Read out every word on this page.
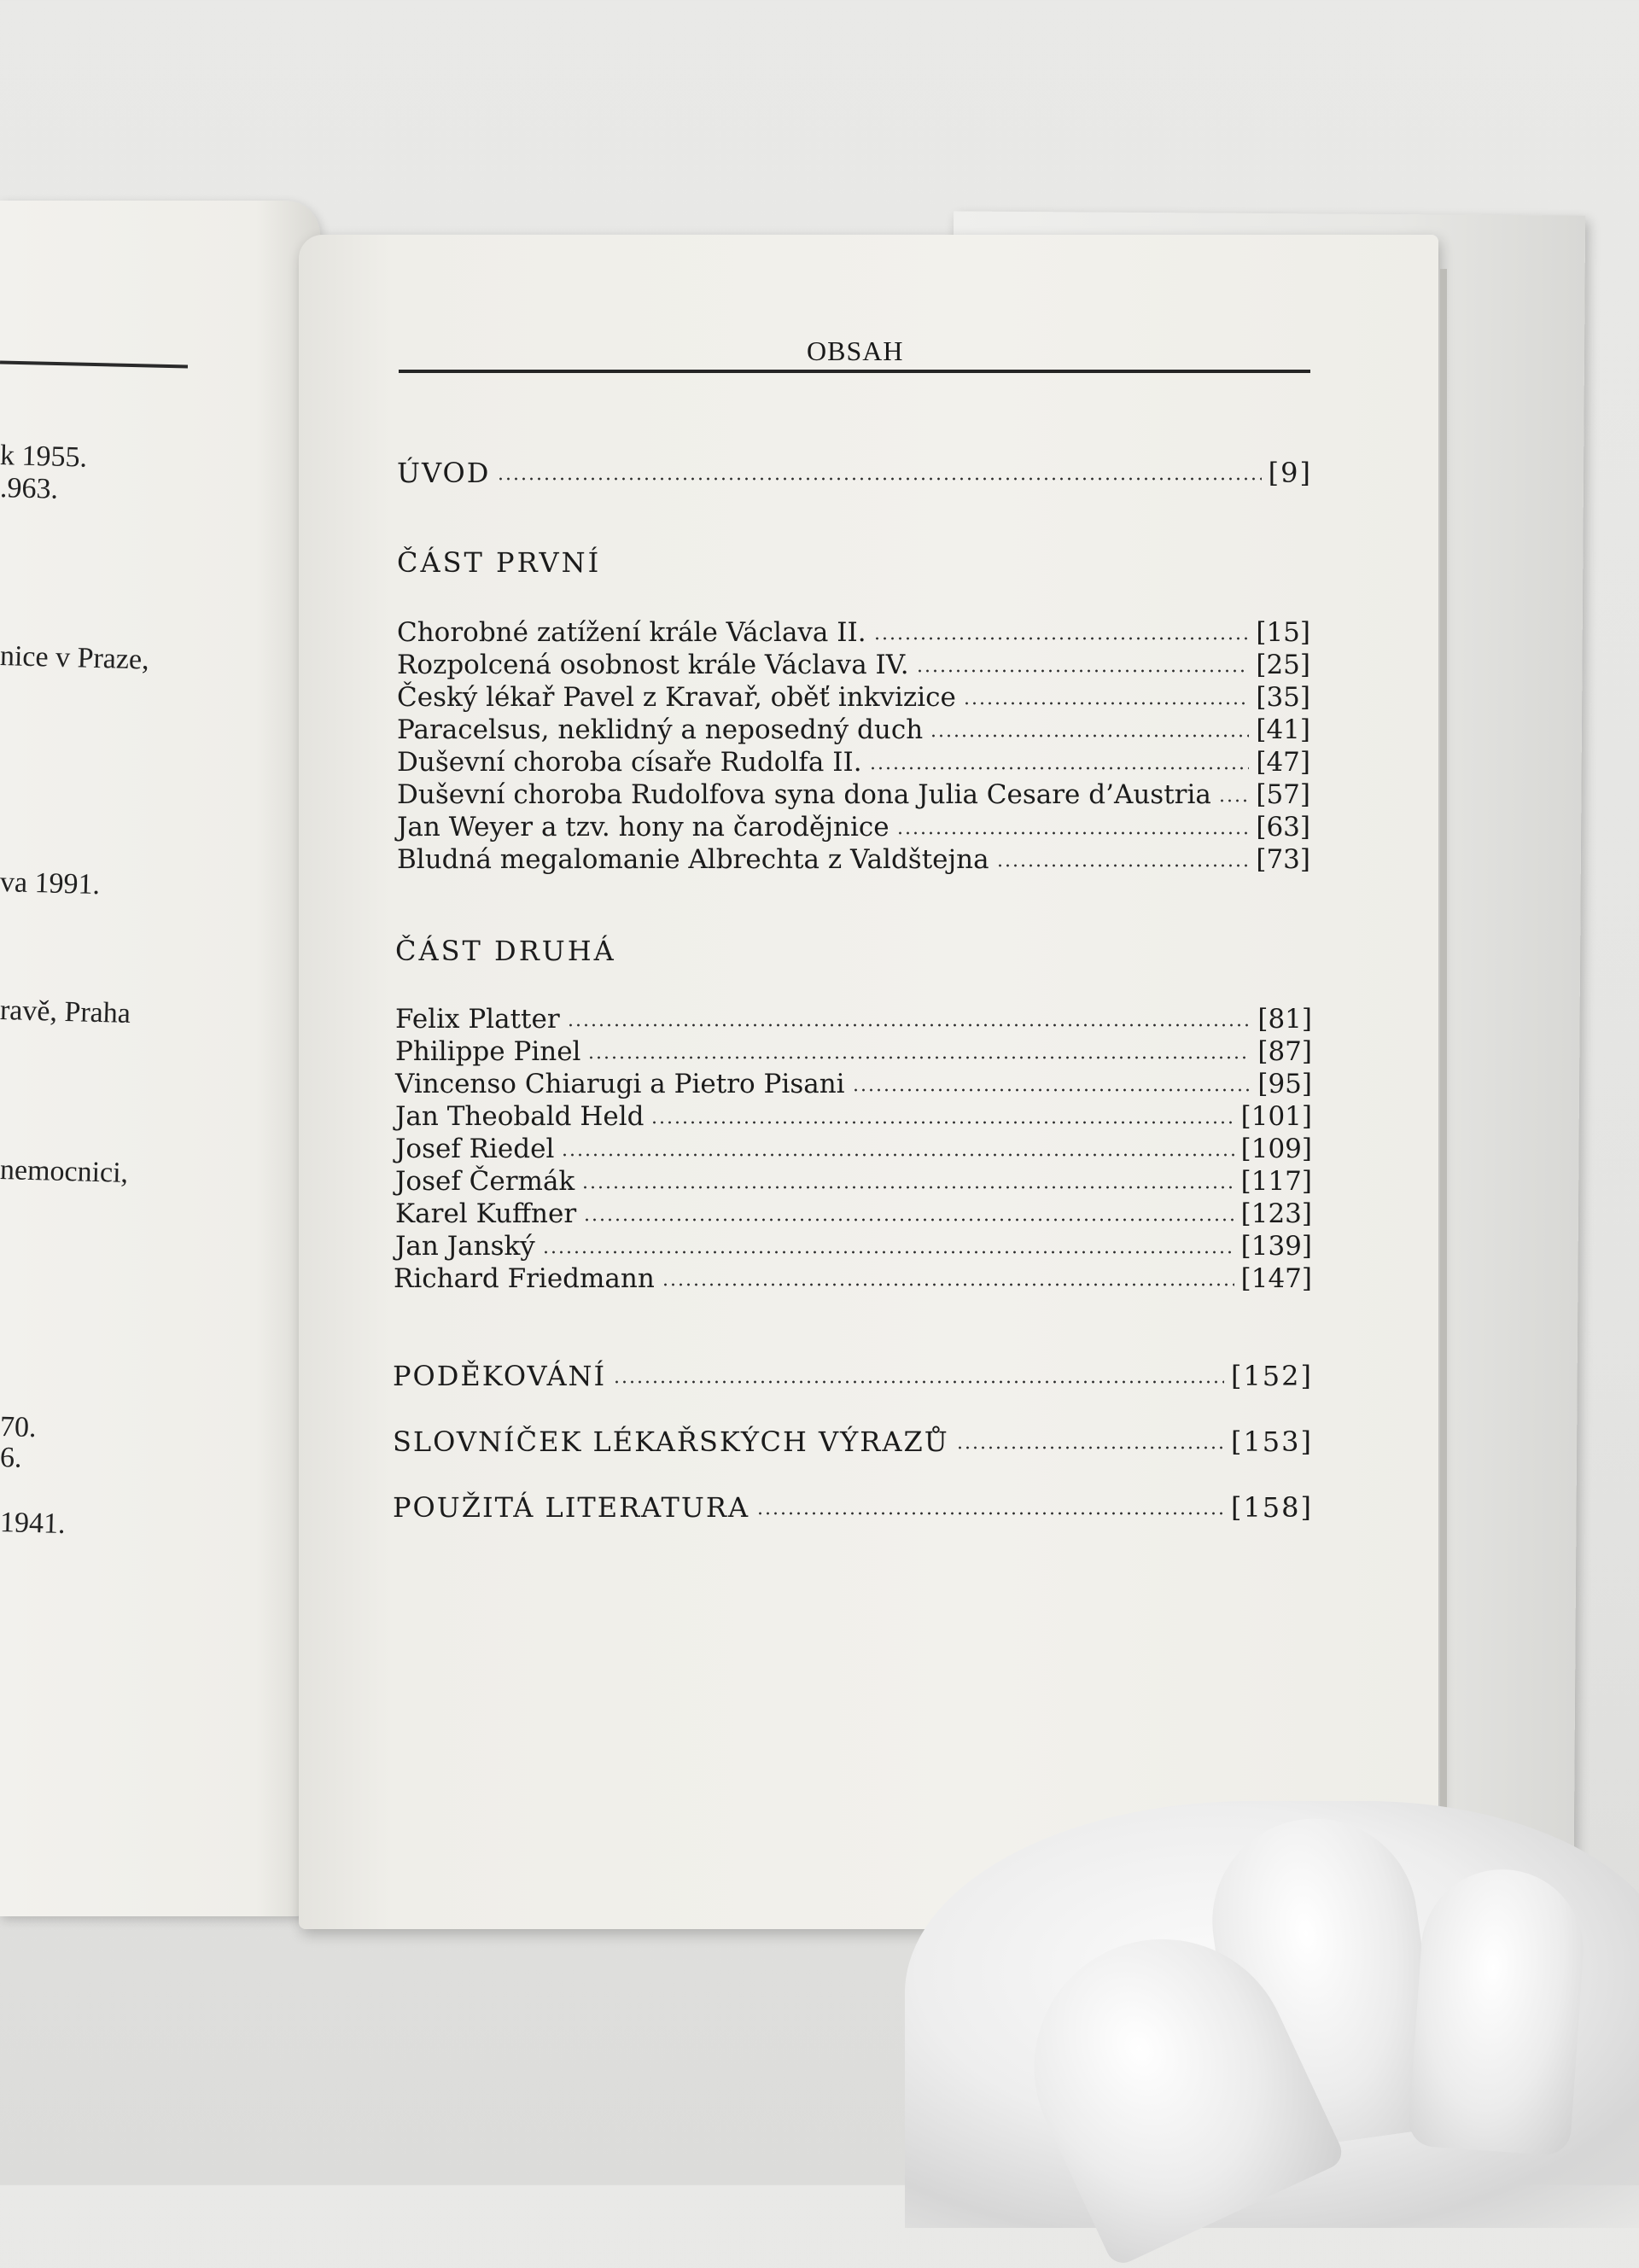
k 1955.
.963.
nice v Praze,
va 1991.
ravě, Praha
nemocnici,
70.
6.
1941.

OBSAH
ÚVOD	[9]
ČÁST PRVNÍ
Chorobné zatížení krále Václava II.	[15]
Rozpolcená osobnost krále Václava IV.	[25]
Český lékař Pavel z Kravař, oběť inkvizice	[35]
Paracelsus, neklidný a neposedný duch	[41]
Duševní choroba císaře Rudolfa II.	[47]
Duševní choroba Rudolfova syna dona Julia Cesare d’Austria [57]
Jan Weyer a tzv. hony na čarodějnice	[63]
Bludná megalomanie Albrechta z Valdštejna	[73]
ČÁST DRUHÁ
Felix Platter	[81]
Philippe Pinel	[87]
Vincenso Chiarugi a Pietro Pisani	[95]
Jan Theobald Held	[101]
Josef Riedel	[109]
Josef Čermák	[117]
Karel Kuffner	[123]
Jan Janský	[139]
Richard Friedmann	[147]
PODĚKOVÁNÍ	[152]
SLOVNÍČEK LÉKAŘSKÝCH VÝRAZŮ	[153]
POUŽITÁ LITERATURA	[158]
